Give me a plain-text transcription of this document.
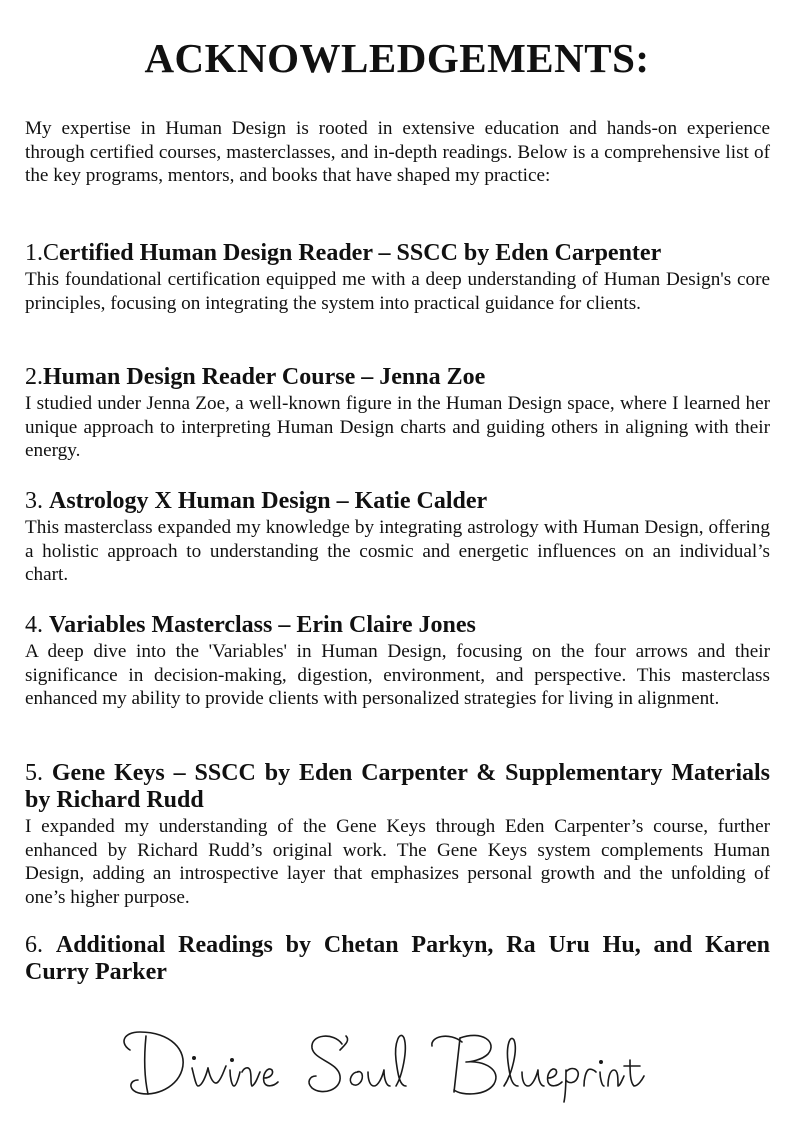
ACKNOWLEDGEMENTS:

My expertise in Human Design is rooted in extensive education and hands-on experience through certified courses, masterclasses, and in-depth readings. Below is a comprehensive list of the key programs, mentors, and books that have shaped my practice:

1.Certified Human Design Reader – SSCC by Eden Carpenter

This foundational certification equipped me with a deep understanding of Human Design's core principles, focusing on integrating the system into practical guidance for clients.

2.Human Design Reader Course – Jenna Zoe

I studied under Jenna Zoe, a well-known figure in the Human Design space, where I learned her unique approach to interpreting Human Design charts and guiding others in aligning with their energy.

3. Astrology X Human Design – Katie Calder

This masterclass expanded my knowledge by integrating astrology with Human Design, offering a holistic approach to understanding the cosmic and energetic influences on an individual’s chart.

4. Variables Masterclass – Erin Claire Jones

A deep dive into the 'Variables' in Human Design, focusing on the four arrows and their significance in decision-making, digestion, environment, and perspective. This masterclass enhanced my ability to provide clients with personalized strategies for living in alignment.

5. Gene Keys – SSCC by Eden Carpenter & Supplementary Materials by Richard Rudd

I expanded my understanding of the Gene Keys through Eden Carpenter’s course, further enhanced by Richard Rudd’s original work. The Gene Keys system complements Human Design, adding an introspective layer that emphasizes personal growth and the unfolding of one’s higher purpose.

6. Additional Readings by Chetan Parkyn, Ra Uru Hu, and Karen Curry Parker
